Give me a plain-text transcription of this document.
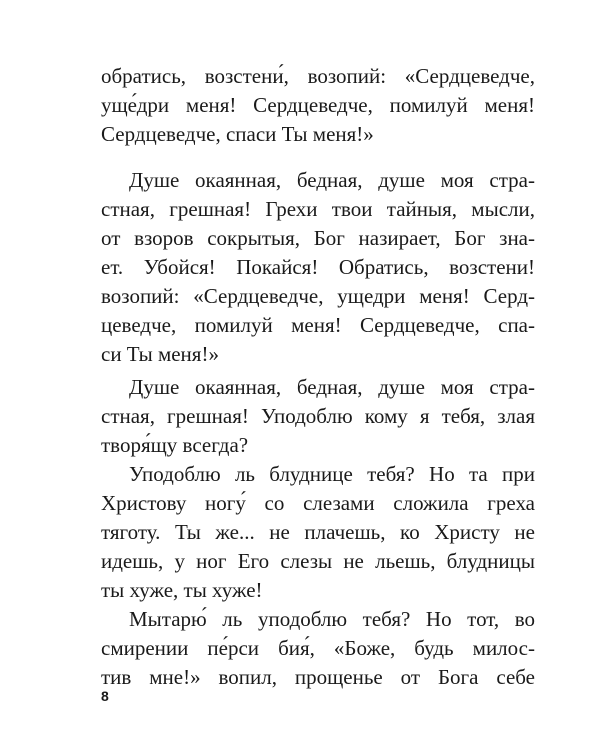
обратись, возстени́, возопий: «Сердцеведче,
уще́дри меня! Сердцеведче, помилуй меня!
Сердцеведче, спаси Ты меня!»
Душе окаянная, бедная, душе моя стра-
стная, грешная! Грехи твои тайныя, мысли,
от взоров сокрытыя, Бог назирает, Бог зна-
ет. Убойся! Покайся! Обратись, возстени!
возопий: «Сердцеведче, ущедри меня! Серд-
цеведче, помилуй меня! Сердцеведче, спа-
си Ты меня!»
Душе окаянная, бедная, душе моя стра-
стная, грешная! Уподоблю кому я тебя, злая
творя́щу всегда?
Уподоблю ль блуднице тебя? Но та при
Христову ногу́ со слезами сложила греха
тяготу. Ты же... не плачешь, ко Христу не
идешь, у ног Его слезы не льешь, блудницы
ты хуже, ты хуже!
Мытарю́ ль уподоблю тебя? Но тот, во
смирении пе́рси бия́, «Боже, будь милос-
тив мне!» вопил, прощенье от Бога себе
8
